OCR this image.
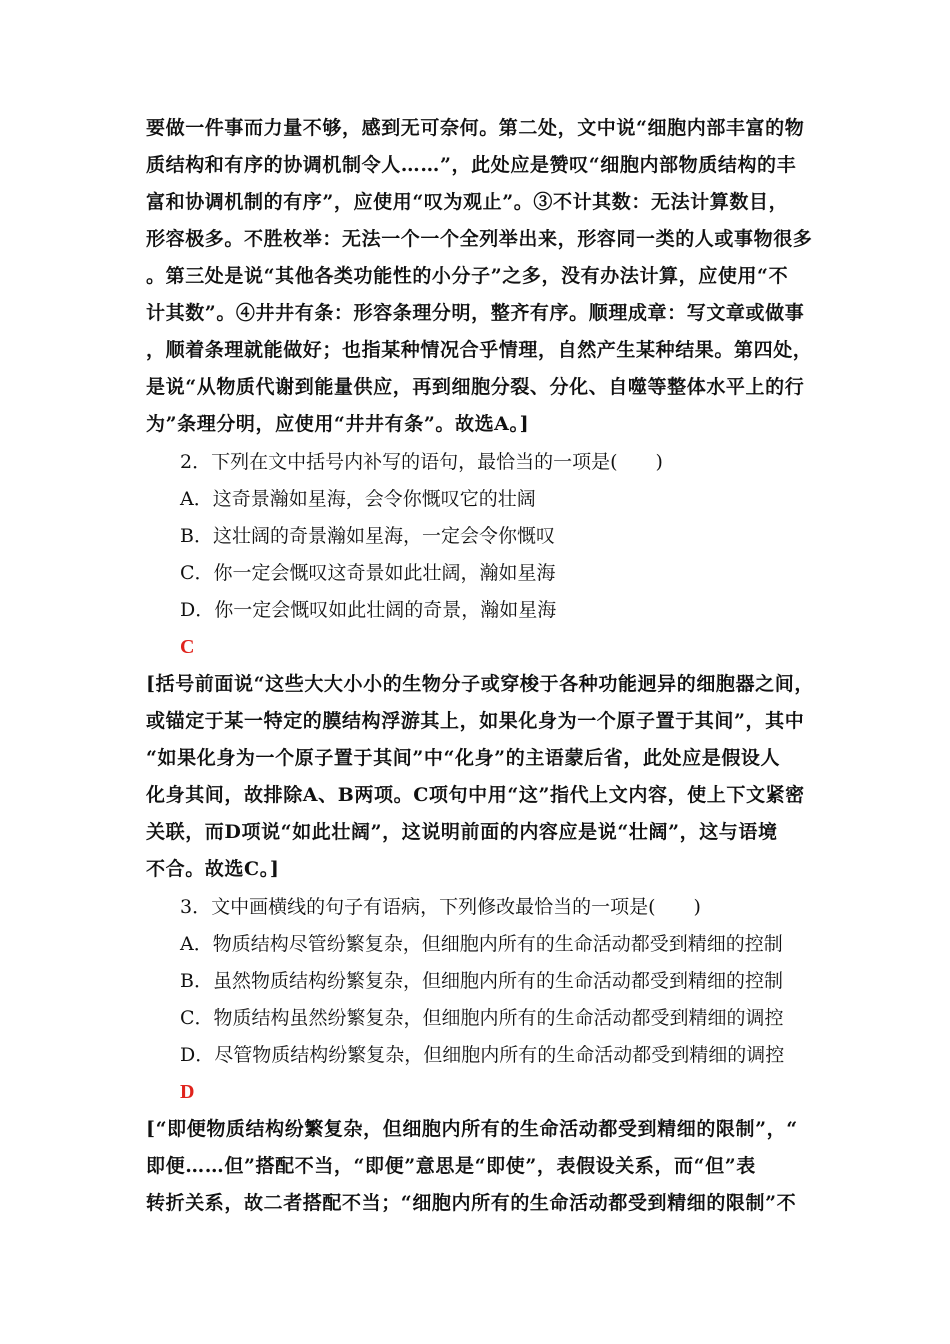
要做一件事而力量不够，感到无可奈何。第二处，文中说“细胞内部丰富的物
质结构和有序的协调机制令人……”，此处应是赞叹“细胞内部物质结构的丰
富和协调机制的有序”，应使用“叹为观止”。③不计其数：无法计算数目，
形容极多。不胜枚举：无法一个一个全列举出来，形容同一类的人或事物很多
。第三处是说“其他各类功能性的小分子”之多，没有办法计算，应使用“不
计其数”。④井井有条：形容条理分明，整齐有序。顺理成章：写文章或做事
，顺着条理就能做好；也指某种情况合乎情理，自然产生某种结果。第四处，
是说“从物质代谢到能量供应，再到细胞分裂、分化、自噬等整体水平上的行
为”条理分明，应使用“井井有条”。故选A。]
2．下列在文中括号内补写的语句，最恰当的一项是(　　)
A．这奇景瀚如星海，会令你慨叹它的壮阔
B．这壮阔的奇景瀚如星海，一定会令你慨叹
C．你一定会慨叹这奇景如此壮阔，瀚如星海
D．你一定会慨叹如此壮阔的奇景，瀚如星海
C
[括号前面说“这些大大小小的生物分子或穿梭于各种功能迥异的细胞器之间，
或锚定于某一特定的膜结构浮游其上，如果化身为一个原子置于其间”，其中
“如果化身为一个原子置于其间”中“化身”的主语蒙后省，此处应是假设人
化身其间，故排除A、B两项。C项句中用“这”指代上文内容，使上下文紧密
关联，而D项说“如此壮阔”，这说明前面的内容应是说“壮阔”，这与语境
不合。故选C。]
3．文中画横线的句子有语病，下列修改最恰当的一项是(　　)
A．物质结构尽管纷繁复杂，但细胞内所有的生命活动都受到精细的控制
B．虽然物质结构纷繁复杂，但细胞内所有的生命活动都受到精细的控制
C．物质结构虽然纷繁复杂，但细胞内所有的生命活动都受到精细的调控
D．尽管物质结构纷繁复杂，但细胞内所有的生命活动都受到精细的调控
D
[“即便物质结构纷繁复杂，但细胞内所有的生命活动都受到精细的限制”，“
即便……但”搭配不当，“即便”意思是“即使”，表假设关系，而“但”表
转折关系，故二者搭配不当；“细胞内所有的生命活动都受到精细的限制”不
